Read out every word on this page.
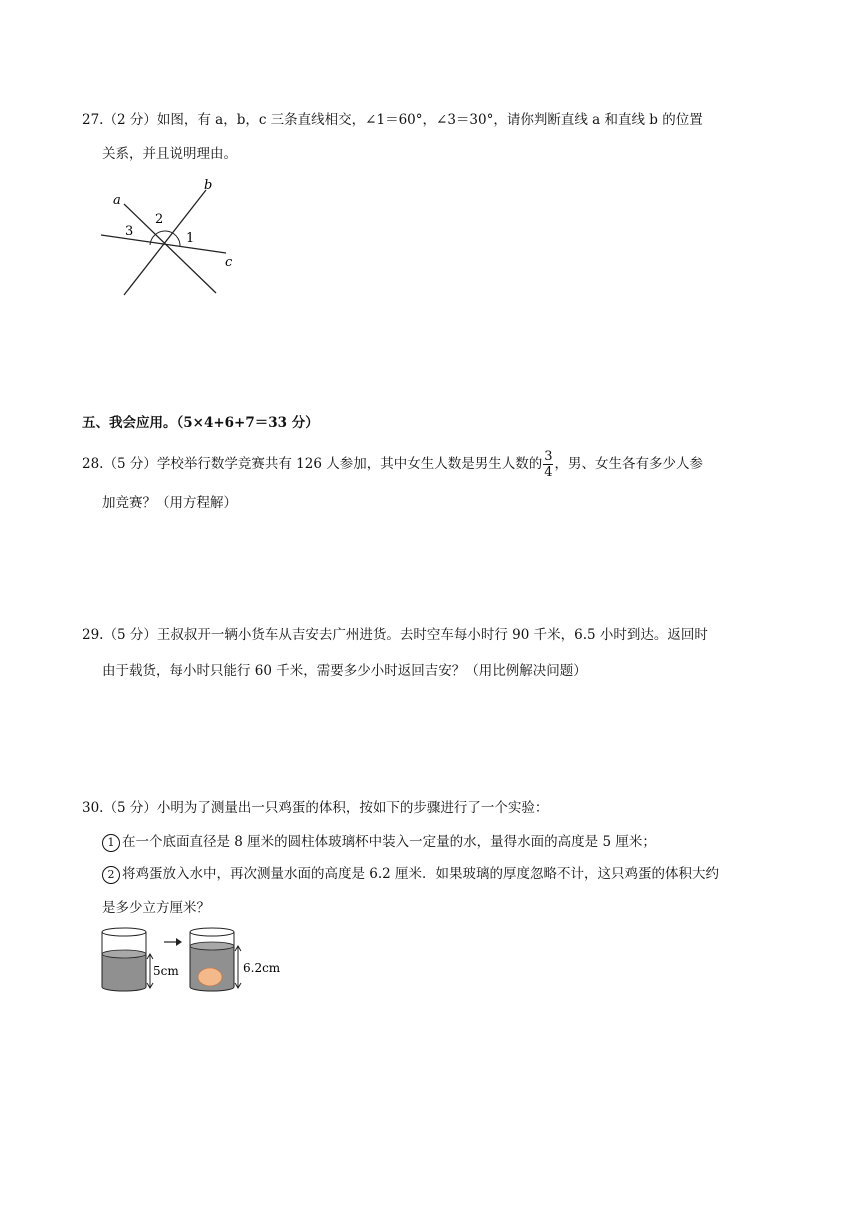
27.（2 分）如图，有 a，b，c 三条直线相交，∠1＝60°，∠3＝30°，请你判断直线 a 和直线 b 的位置
关系，并且说明理由。
a
b
c
1
2
3
五、我会应用。（5×4+6+7＝33 分）
28.（5 分）学校举行数学竞赛共有 126 人参加，其中女生人数是男生人数的 $\frac{3}{4}$ ，男、女生各有多少人参
加竞赛？（用方程解）
29.（5 分）王叔叔开一辆小货车从吉安去广州进货。去时空车每小时行 90 千米，6.5 小时到达。返回时
由于载货，每小时只能行 60 千米，需要多少小时返回吉安？（用比例解决问题）
30.（5 分）小明为了测量出一只鸡蛋的体积，按如下的步骤进行了一个实验：
1 在一个底面直径是 8 厘米的圆柱体玻璃杯中装入一定量的水，量得水面的高度是 5 厘米；
2 将鸡蛋放入水中，再次测量水面的高度是 6.2 厘米．如果玻璃的厚度忽略不计，这只鸡蛋的体积大约
是多少立方厘米？
5cm	6.2cm
